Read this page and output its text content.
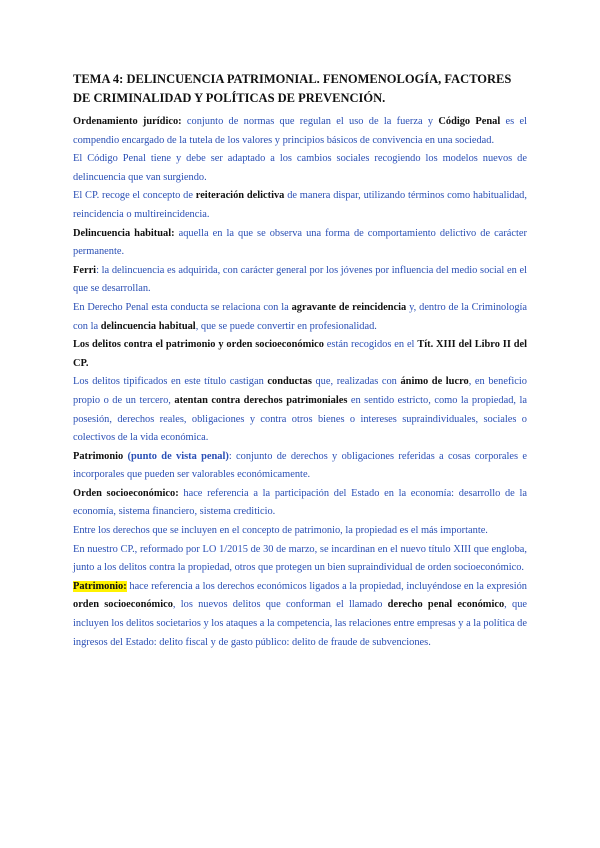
TEMA 4: DELINCUENCIA PATRIMONIAL. FENOMENOLOGÍA, FACTORES DE CRIMINALIDAD Y POLÍTICAS DE PREVENCIÓN.

Ordenamiento jurídico: conjunto de normas que regulan el uso de la fuerza y Código Penal es el compendio encargado de la tutela de los valores y principios básicos de convivencia en una sociedad.

El Código Penal tiene y debe ser adaptado a los cambios sociales recogiendo los modelos nuevos de delincuencia que van surgiendo.

El CP. recoge el concepto de reiteración delictiva de manera dispar, utilizando términos como habitualidad, reincidencia o multireincidencia.

Delincuencia habitual: aquella en la que se observa una forma de comportamiento delictivo de carácter permanente.

Ferri: la delincuencia es adquirida, con carácter general por los jóvenes por influencia del medio social en el que se desarrollan.

En Derecho Penal esta conducta se relaciona con la agravante de reincidencia y, dentro de la Criminología con la delincuencia habitual, que se puede convertir en profesionalidad.

Los delitos contra el patrimonio y orden socioeconómico están recogidos en el Tít. XIII del Libro II del CP.

Los delitos tipificados en este título castigan conductas que, realizadas con ánimo de lucro, en beneficio propio o de un tercero, atentan contra derechos patrimoniales en sentido estricto, como la propiedad, la posesión, derechos reales, obligaciones y contra otros bienes o intereses supraindividuales, sociales o colectivos de la vida económica.

Patrimonio (punto de vista penal): conjunto de derechos y obligaciones referidas a cosas corporales e incorporales que pueden ser valorables económicamente.

Orden socioeconómico: hace referencia a la participación del Estado en la economía: desarrollo de la economía, sistema financiero, sistema crediticio.

Entre los derechos que se incluyen en el concepto de patrimonio, la propiedad es el más importante.

En nuestro CP., reformado por LO 1/2015 de 30 de marzo, se incardinan en el nuevo título XIII que engloba, junto a los delitos contra la propiedad, otros que protegen un bien supraindividual de orden socioeconómico.

Patrimonio: hace referencia a los derechos económicos ligados a la propiedad, incluyéndose en la expresión orden socioeconómico, los nuevos delitos que conforman el llamado derecho penal económico, que incluyen los delitos societarios y los ataques a la competencia, las relaciones entre empresas y a la política de ingresos del Estado: delito fiscal y de gasto público: delito de fraude de subvenciones.
